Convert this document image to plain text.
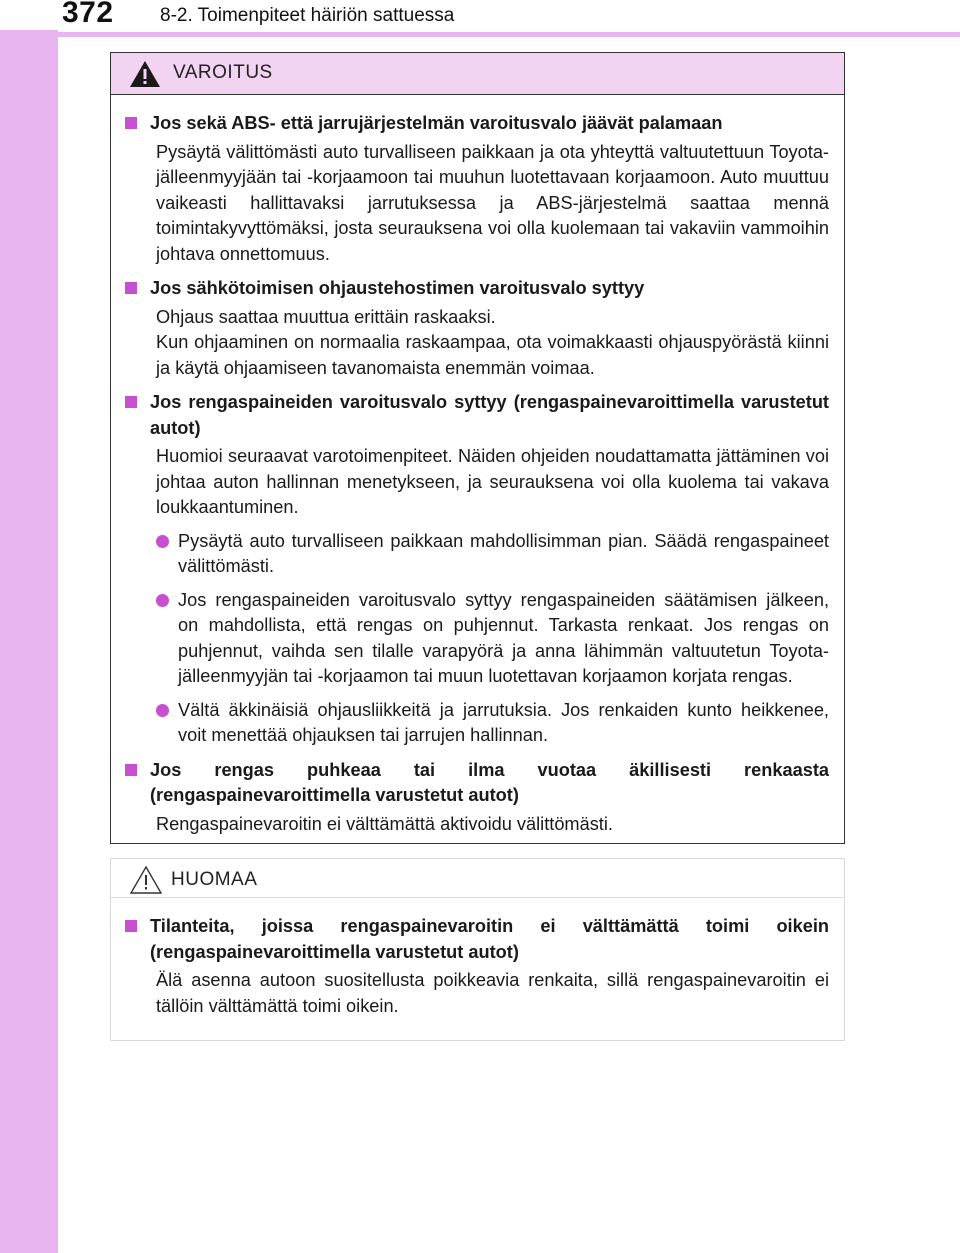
372 8-2. Toimenpiteet häiriön sattuessa
VAROITUS
Jos sekä ABS- että jarrujärjestelmän varoitusvalo jäävät palamaan
Pysäytä välittömästi auto turvalliseen paikkaan ja ota yhteyttä valtuutettuun Toyota-jälleenmyyjään tai -korjaamoon tai muuhun luotettavaan korjaamoon. Auto muuttuu vaikeasti hallittavaksi jarrutuksessa ja ABS-järjestelmä saattaa mennä toimintakyvyttömäksi, josta seurauksena voi olla kuolemaan tai vakaviin vammoihin johtava onnettomuus.
Jos sähkötoimisen ohjaustehostimen varoitusvalo syttyy
Ohjaus saattaa muuttua erittäin raskaaksi.
Kun ohjaaminen on normaalia raskaampaa, ota voimakkaasti ohjauspyörästä kiinni ja käytä ohjaamiseen tavanomaista enemmän voimaa.
Jos rengaspaineiden varoitusvalo syttyy (rengaspainevaroittimella varustetut autot)
Huomioi seuraavat varotoimenpiteet. Näiden ohjeiden noudattamatta jättäminen voi johtaa auton hallinnan menetykseen, ja seurauksena voi olla kuolema tai vakava loukkaantuminen.
Pysäytä auto turvalliseen paikkaan mahdollisimman pian. Säädä rengaspaineet välittömästi.
Jos rengaspaineiden varoitusvalo syttyy rengaspaineiden säätämisen jälkeen, on mahdollista, että rengas on puhjennut. Tarkasta renkaat. Jos rengas on puhjennut, vaihda sen tilalle varapyörä ja anna lähimmän valtuutetun Toyota-jälleenmyyjän tai -korjaamon tai muun luotettavan korjaamon korjata rengas.
Vältä äkkinäisiä ohjausliikkeitä ja jarrutuksia. Jos renkaiden kunto heikkenee, voit menettää ohjauksen tai jarrujen hallinnan.
Jos rengas puhkeaa tai ilma vuotaa äkillisesti renkaasta (rengaspainevaroittimella varustetut autot)
Rengaspainevaroitin ei välttämättä aktivoidu välittömästi.
HUOMAA
Tilanteita, joissa rengaspainevaroitin ei välttämättä toimi oikein (rengaspainevaroittimella varustetut autot)
Älä asenna autoon suositellusta poikkeavia renkaita, sillä rengaspainevaroitin ei tällöin välttämättä toimi oikein.
